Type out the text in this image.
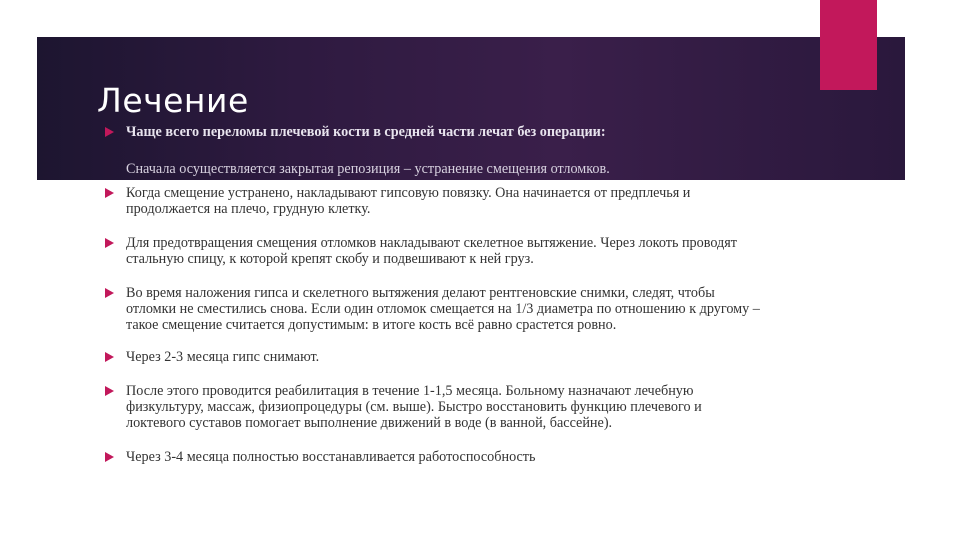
Лечение
Чаще всего переломы плечевой кости в средней части лечат без операции:
Сначала осуществляется закрытая репозиция – устранение смещения отломков.
Когда смещение устранено, накладывают гипсовую повязку. Она начинается от предплечья и продолжается на плечо, грудную клетку.
Для предотвращения смещения отломков накладывают скелетное вытяжение. Через локоть проводят стальную спицу, к которой крепят скобу и подвешивают к ней груз.
Во время наложения гипса и скелетного вытяжения делают рентгеновские снимки, следят, чтобы отломки не сместились снова. Если один отломок смещается на 1/3 диаметра по отношению к другому – такое смещение считается допустимым: в итоге кость всё равно срастется ровно.
Через 2-3 месяца гипс снимают.
После этого проводится реабилитация в течение 1-1,5 месяца. Больному назначают лечебную физкультуру, массаж, физиопроцедуры (см. выше). Быстро восстановить функцию плечевого и локтевого суставов помогает выполнение движений в воде (в ванной, бассейне).
Через 3-4 месяца полностью восстанавливается работоспособность
